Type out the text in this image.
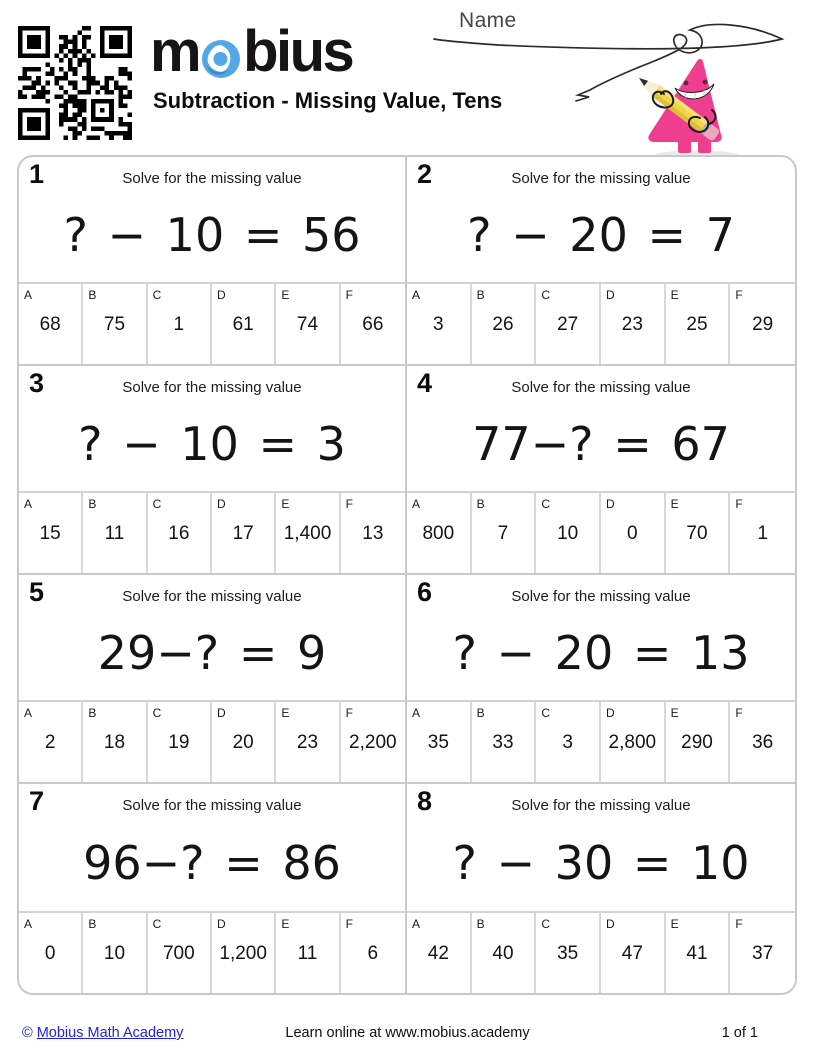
m bius
Subtraction - Missing Value, Tens
Name
1	Solve for the missing value
? − 10 = 56
A
68
B
75
C
1
D
61
E
74
F
66
2	Solve for the missing value
? − 20 = 7
A
3
B
26
C
27
D
23
E
25
F
29
3	Solve for the missing value
? − 10 = 3
A
15
B
11
C
16
D
17
E
1,400
F
13
4	Solve for the missing value
77−? = 67
A
800
B
7
C
10
D
0
E
70
F
1
5	Solve for the missing value
29−? = 9
A
2
B
18
C
19
D
20
E
23
F
2,200
6	Solve for the missing value
? − 20 = 13
A
35
B
33
C
3
D
2,800
E
290
F
36
7	Solve for the missing value
96−? = 86
A
0
B
10
C
700
D
1,200
E
11
F
6
8	Solve for the missing value
? − 30 = 10
A
42
B
40
C
35
D
47
E
41
F
37
© Mobius Math Academy	Learn online at www.mobius.academy	1 of 1
